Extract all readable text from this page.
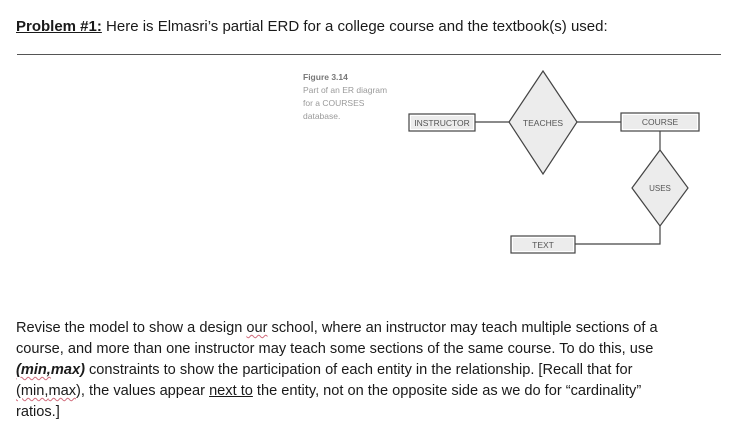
Problem #1: Here is Elmasri’s partial ERD for a college course and the textbook(s) used:
Figure 3.14
Part of an ER diagram
for a COURSES
database.
INSTRUCTOR	COURSE
TEXT
TEACHES
USES
Revise the model to show a design our school, where an instructor may teach multiple sections of a
course, and more than one instructor may teach some sections of the same course. To do this, use
(min,max) constraints to show the participation of each entity in the relationship. [Recall that for
(min,max), the values appear next to the entity, not on the opposite side as we do for “cardinality”
ratios.]
